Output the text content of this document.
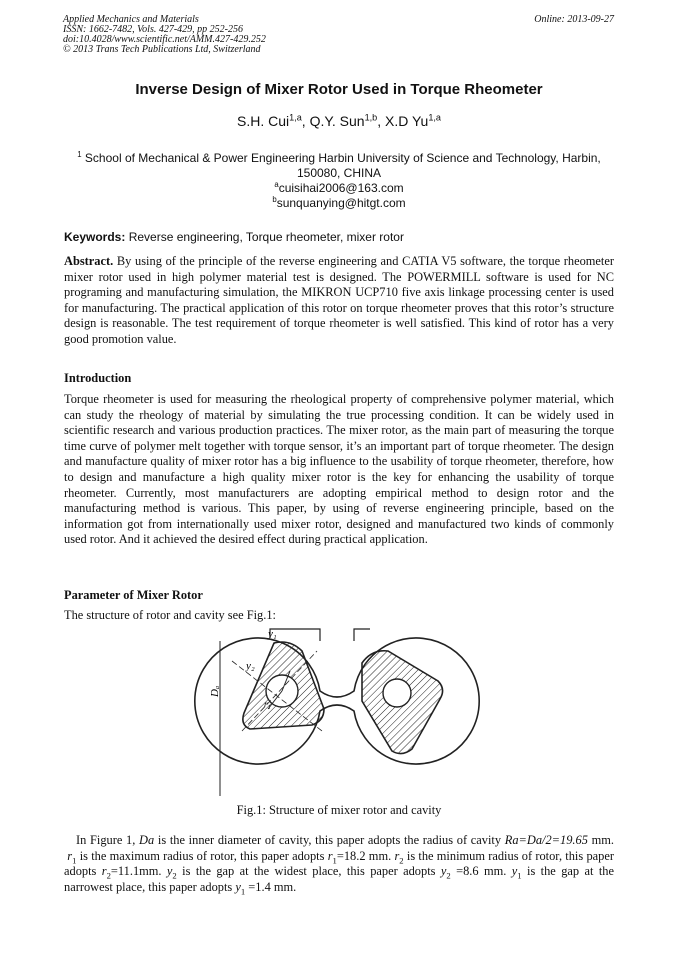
Applied Mechanics and Materials
ISSN: 1662-7482, Vols. 427-429, pp 252-256
doi:10.4028/www.scientific.net/AMM.427-429.252
© 2013 Trans Tech Publications Ltd, Switzerland
Online: 2013-09-27
Inverse Design of Mixer Rotor Used in Torque Rheometer
S.H. Cui$^{1,a}$, Q.Y. Sun$^{1,b}$, X.D Yu$^{1,a}$
$^1$ School of Mechanical & Power Engineering Harbin University of Science and Technology, Harbin,
150080, CHINA
$^a$cuisihai2006@163.com
$^b$sunquanying@hitgt.com
Keywords: Reverse engineering, Torque rheometer, mixer rotor

Abstract. By using of the principle of the reverse engineering and CATIA V5 software, the torque rheometer mixer rotor used in high polymer material test is designed. The POWERMILL software is used for NC programing and manufacturing simulation, the MIKRON UCP710 five axis linkage processing center is used for manufacturing. The practical application of this rotor on torque rheometer proves that this rotor’s structure design is reasonable. The test requirement of torque rheometer is well satisfied. This kind of rotor has a very good promotion value.

Introduction

Torque rheometer is used for measuring the rheological property of comprehensive polymer material, which can study the rheology of material by simulating the true processing condition. It can be widely used in scientific research and various production practices. The mixer rotor, as the main part of measuring the torque time curve of polymer melt together with torque sensor, it’s an important part of torque rheometer. The design and manufacture quality of mixer rotor has a big influence to the usability of torque rheometer, therefore, how to design and manufacture a high quality mixer rotor is the key for enhancing the usability of torque rheometer. Currently, most manufacturers are adopting empirical method to design rotor and the manufacturing method is various. This paper, by using of reverse engineering principle, based on the information got from internationally used mixer rotor, designed and manufactured two kinds of commonly used rotor. And it achieved the desired effect during practical application.

Parameter of Mixer Rotor
The structure of rotor and cavity see Fig.1:
y₁
y₂
r₁
Dₐ
Fig.1: Structure of mixer rotor and cavity

In Figure 1, Da is the inner diameter of cavity, this paper adopts the radius of cavity Ra=Da/2=19.65 mm.  $r_1$ is the maximum radius of rotor, this paper adopts $r_1=18.2$ mm. $r_2$ is the minimum radius of rotor, this paper adopts $r_2=11.1mm$. $y_2$ is the gap at the widest place, this paper adopts $y_2 =8.6$ mm. $y_1$ is the gap at the narrowest place, this paper adopts $y_1 =1.4$ mm.
